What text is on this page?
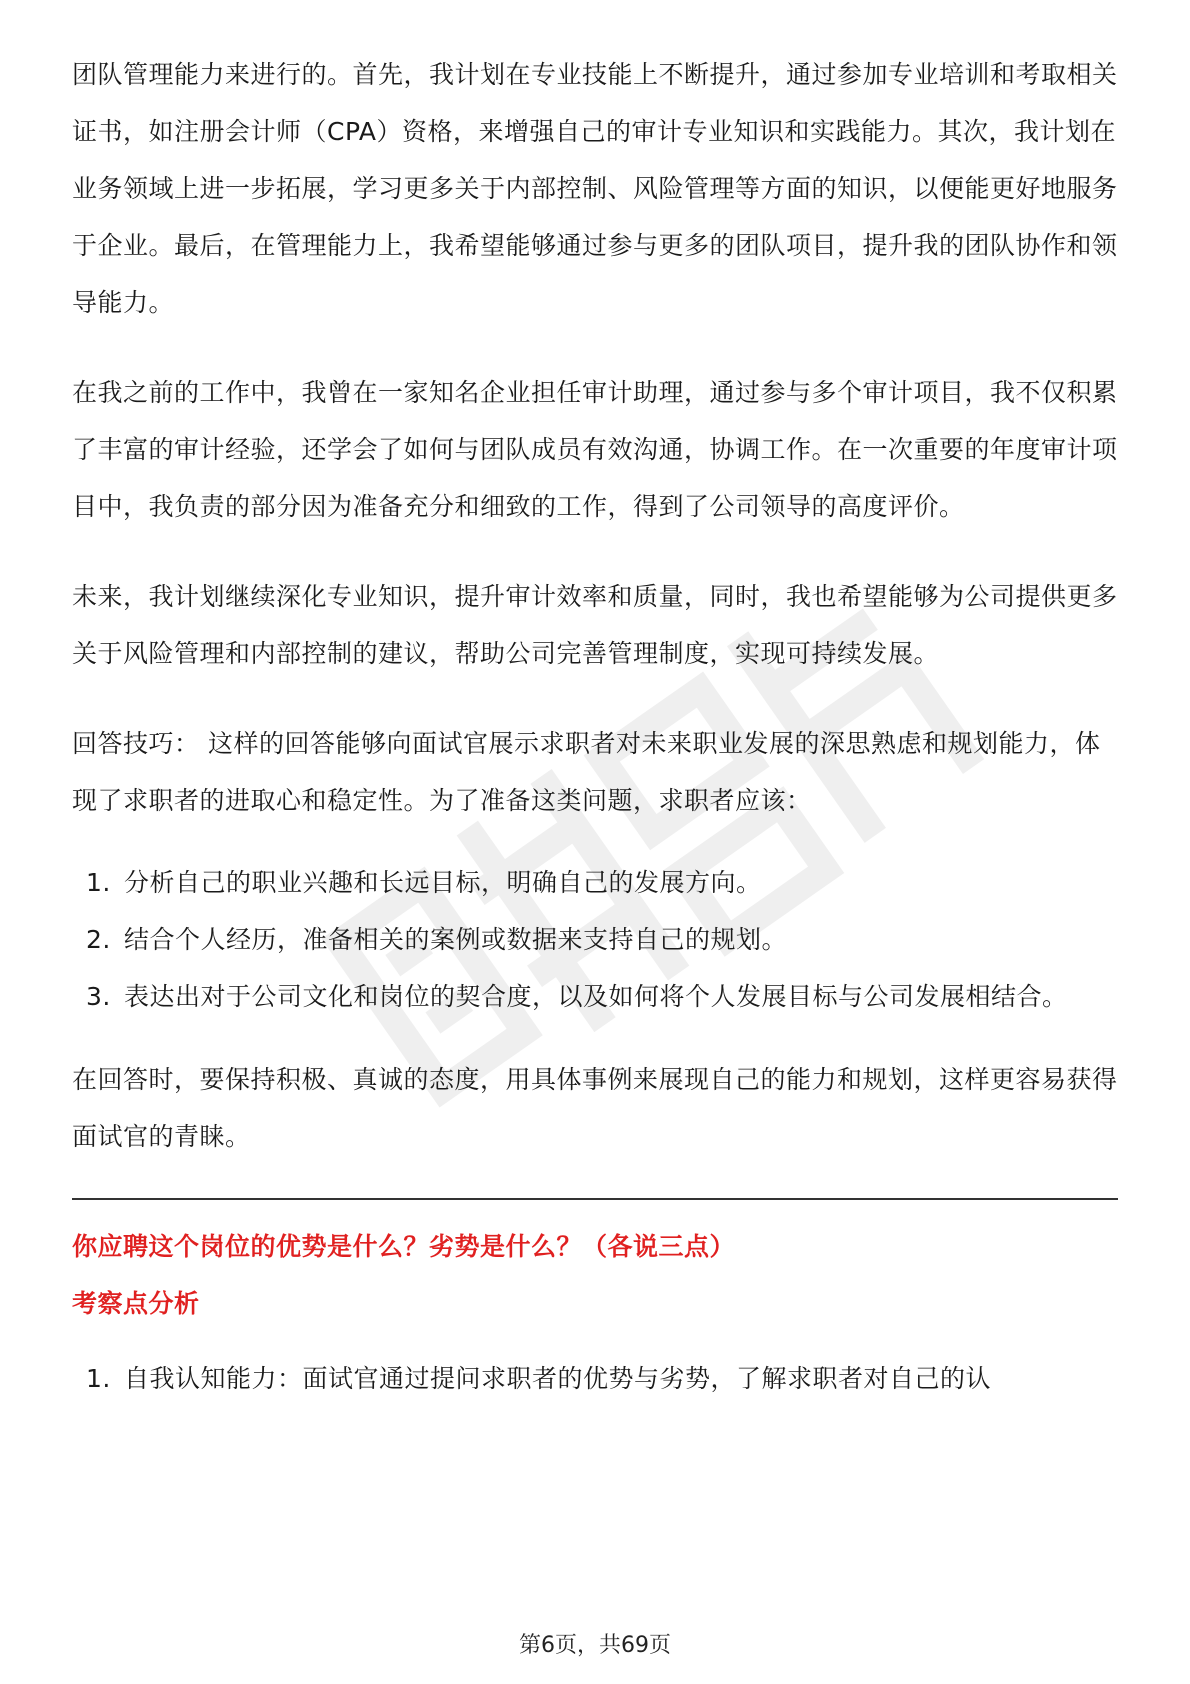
团队管理能力来进行的。首先，我计划在专业技能上不断提升，通过参加专业培训和考取相关证书，如注册会计师（CPA）资格，来增强自己的审计专业知识和实践能力。其次，我计划在业务领域上进一步拓展，学习更多关于内部控制、风险管理等方面的知识，以便能更好地服务于企业。最后，在管理能力上，我希望能够通过参与更多的团队项目，提升我的团队协作和领导能力。

在我之前的工作中，我曾在一家知名企业担任审计助理，通过参与多个审计项目，我不仅积累了丰富的审计经验，还学会了如何与团队成员有效沟通，协调工作。在一次重要的年度审计项目中，我负责的部分因为准备充分和细致的工作，得到了公司领导的高度评价。

未来，我计划继续深化专业知识，提升审计效率和质量，同时，我也希望能够为公司提供更多关于风险管理和内部控制的建议，帮助公司完善管理制度，实现可持续发展。

回答技巧： 这样的回答能够向面试官展示求职者对未来职业发展的深思熟虑和规划能力，体现了求职者的进取心和稳定性。为了准备这类问题，求职者应该：

1. 分析自己的职业兴趣和长远目标，明确自己的发展方向。
2. 结合个人经历，准备相关的案例或数据来支持自己的规划。
3. 表达出对于公司文化和岗位的契合度，以及如何将个人发展目标与公司发展相结合。

在回答时，要保持积极、真诚的态度，用具体事例来展现自己的能力和规划，这样更容易获得面试官的青睐。

你应聘这个岗位的优势是什么？劣势是什么？（各说三点）

考察点分析

1. 自我认知能力：面试官通过提问求职者的优势与劣势，了解求职者对自己的认
第6页，共69页
